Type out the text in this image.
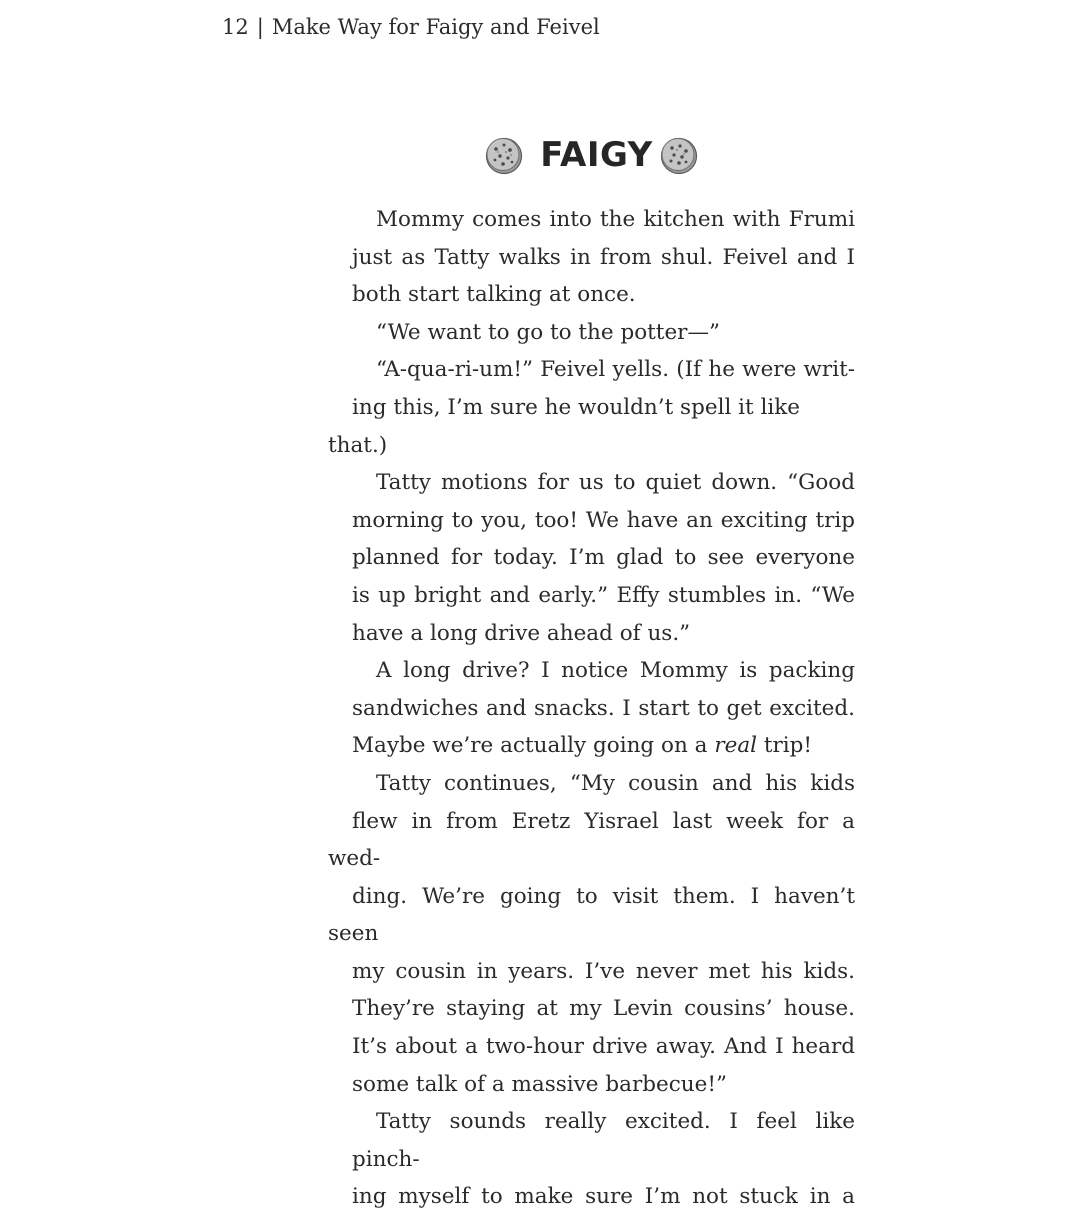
12 | Make Way for Faigy and Feivel
FAIGY
Mommy comes into the kitchen with Frumi
just as Tatty walks in from shul. Feivel and I
both start talking at once.
“We want to go to the potter—”
“A-qua-ri-um!” Feivel yells. (If he were writ-
ing this, I’m sure he wouldn’t spell it like that.)
Tatty motions for us to quiet down. “Good
morning to you, too! We have an exciting trip
planned for today. I’m glad to see everyone
is up bright and early.” Effy stumbles in. “We
have a long drive ahead of us.”
A long drive? I notice Mommy is packing
sandwiches and snacks. I start to get excited.
Maybe we’re actually going on a real trip!
Tatty continues, “My cousin and his kids
flew in from Eretz Yisrael last week for a wed-
ding. We’re going to visit them. I haven’t seen
my cousin in years. I’ve never met his kids.
They’re staying at my Levin cousins’ house.
It’s about a two-hour drive away. And I heard
some talk of a massive barbecue!”
Tatty sounds really excited. I feel like pinch-
ing myself to make sure I’m not stuck in a
